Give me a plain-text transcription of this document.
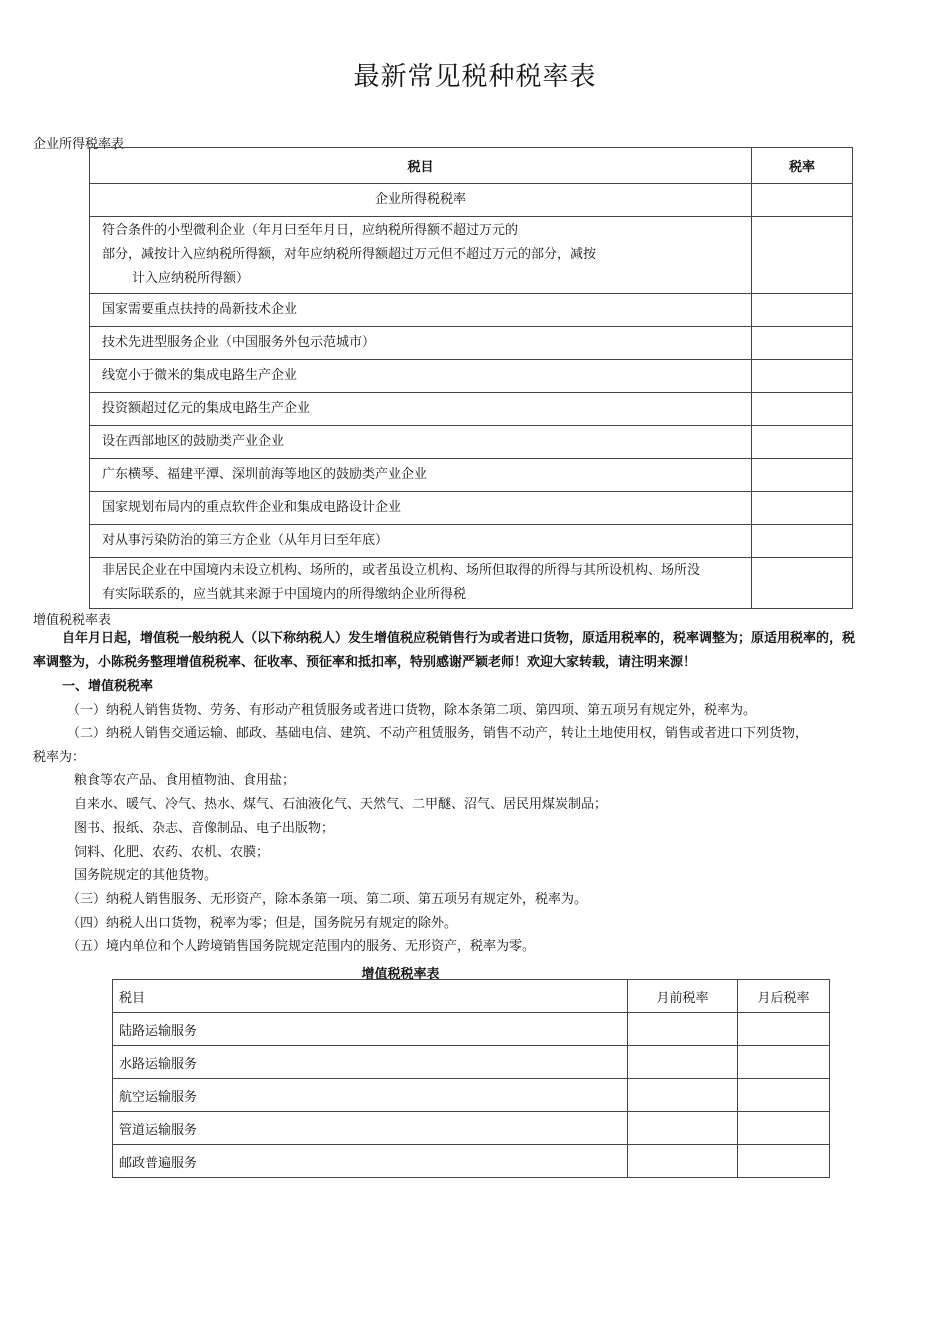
最新常见税种税率表
企业所得税率表
税目	税率
企业所得税税率	

符合条件的小型微利企业（年月曰至年月日，应纳税所得额不超过万元的
部分，减按计入应纳税所得额，对年应纳税所得额超过万元但不超过万元的部分，减按
计入应纳税所得额）	

国家需要重点扶持的咼新技术企业	
技术先进型服务企业（中国服务外包示范城市）	
线宽小于微米的集成电路生产企业	
投资额超过亿元的集成电路生产企业	
设在西部地区的鼓励类产业企业	
广东横琴、福建平潭、深圳前海等地区的鼓励类产业企业	
国家规划布局内的重点软件企业和集成电路设计企业	
对从事污染防治的第三方企业（从年月曰至年底）	

非居民企业在中国境内未设立机构、场所的，或者虽设立机构、场所但取得的所得与其所设机构、场所没
有实际联系的，应当就其来源于中国境内的所得缴纳企业所得税	

增值税税率表
自年月日起，增值税一般纳税人（以下称纳税人）发生增值税应税销售行为或者进口货物，原适用税率的，税率调整为；原适用税率的，税
率调整为，小陈税务整理增值税税率、征收率、预征率和抵扣率，特别感谢严颖老师！欢迎大家转载，请注明来源！
一、增值税税率
（一）纳税人销售货物、劳务、有形动产租赁服务或者进口货物，除本条第二项、第四项、第五项另有规定外，税率为。
（二）纳税人销售交通运输、邮政、基础电信、建筑、不动产租赁服务，销售不动产，转让土地使用权，销售或者进口下列货物，
税率为：
粮食等农产品、食用植物油、食用盐；
自来水、暖气、冷气、热水、煤气、石油液化气、天然气、二甲醚、沼气、居民用煤炭制品；
图书、报纸、杂志、音像制品、电子出版物；
饲料、化肥、农药、农机、农膜；
国务院规定的其他货物。
（三）纳税人销售服务、无形资产，除本条第一项、第二项、第五项另有规定外，税率为。
（四）纳税人出口货物，税率为零；但是，国务院另有规定的除外。
（五）境内单位和个人跨境销售国务院规定范围内的服务、无形资产，税率为零。
增值税税率表
税目	月前税率	月后税率
陆路运输服务		
水路运输服务		
航空运输服务		
管道运输服务		
邮政普遍服务		
